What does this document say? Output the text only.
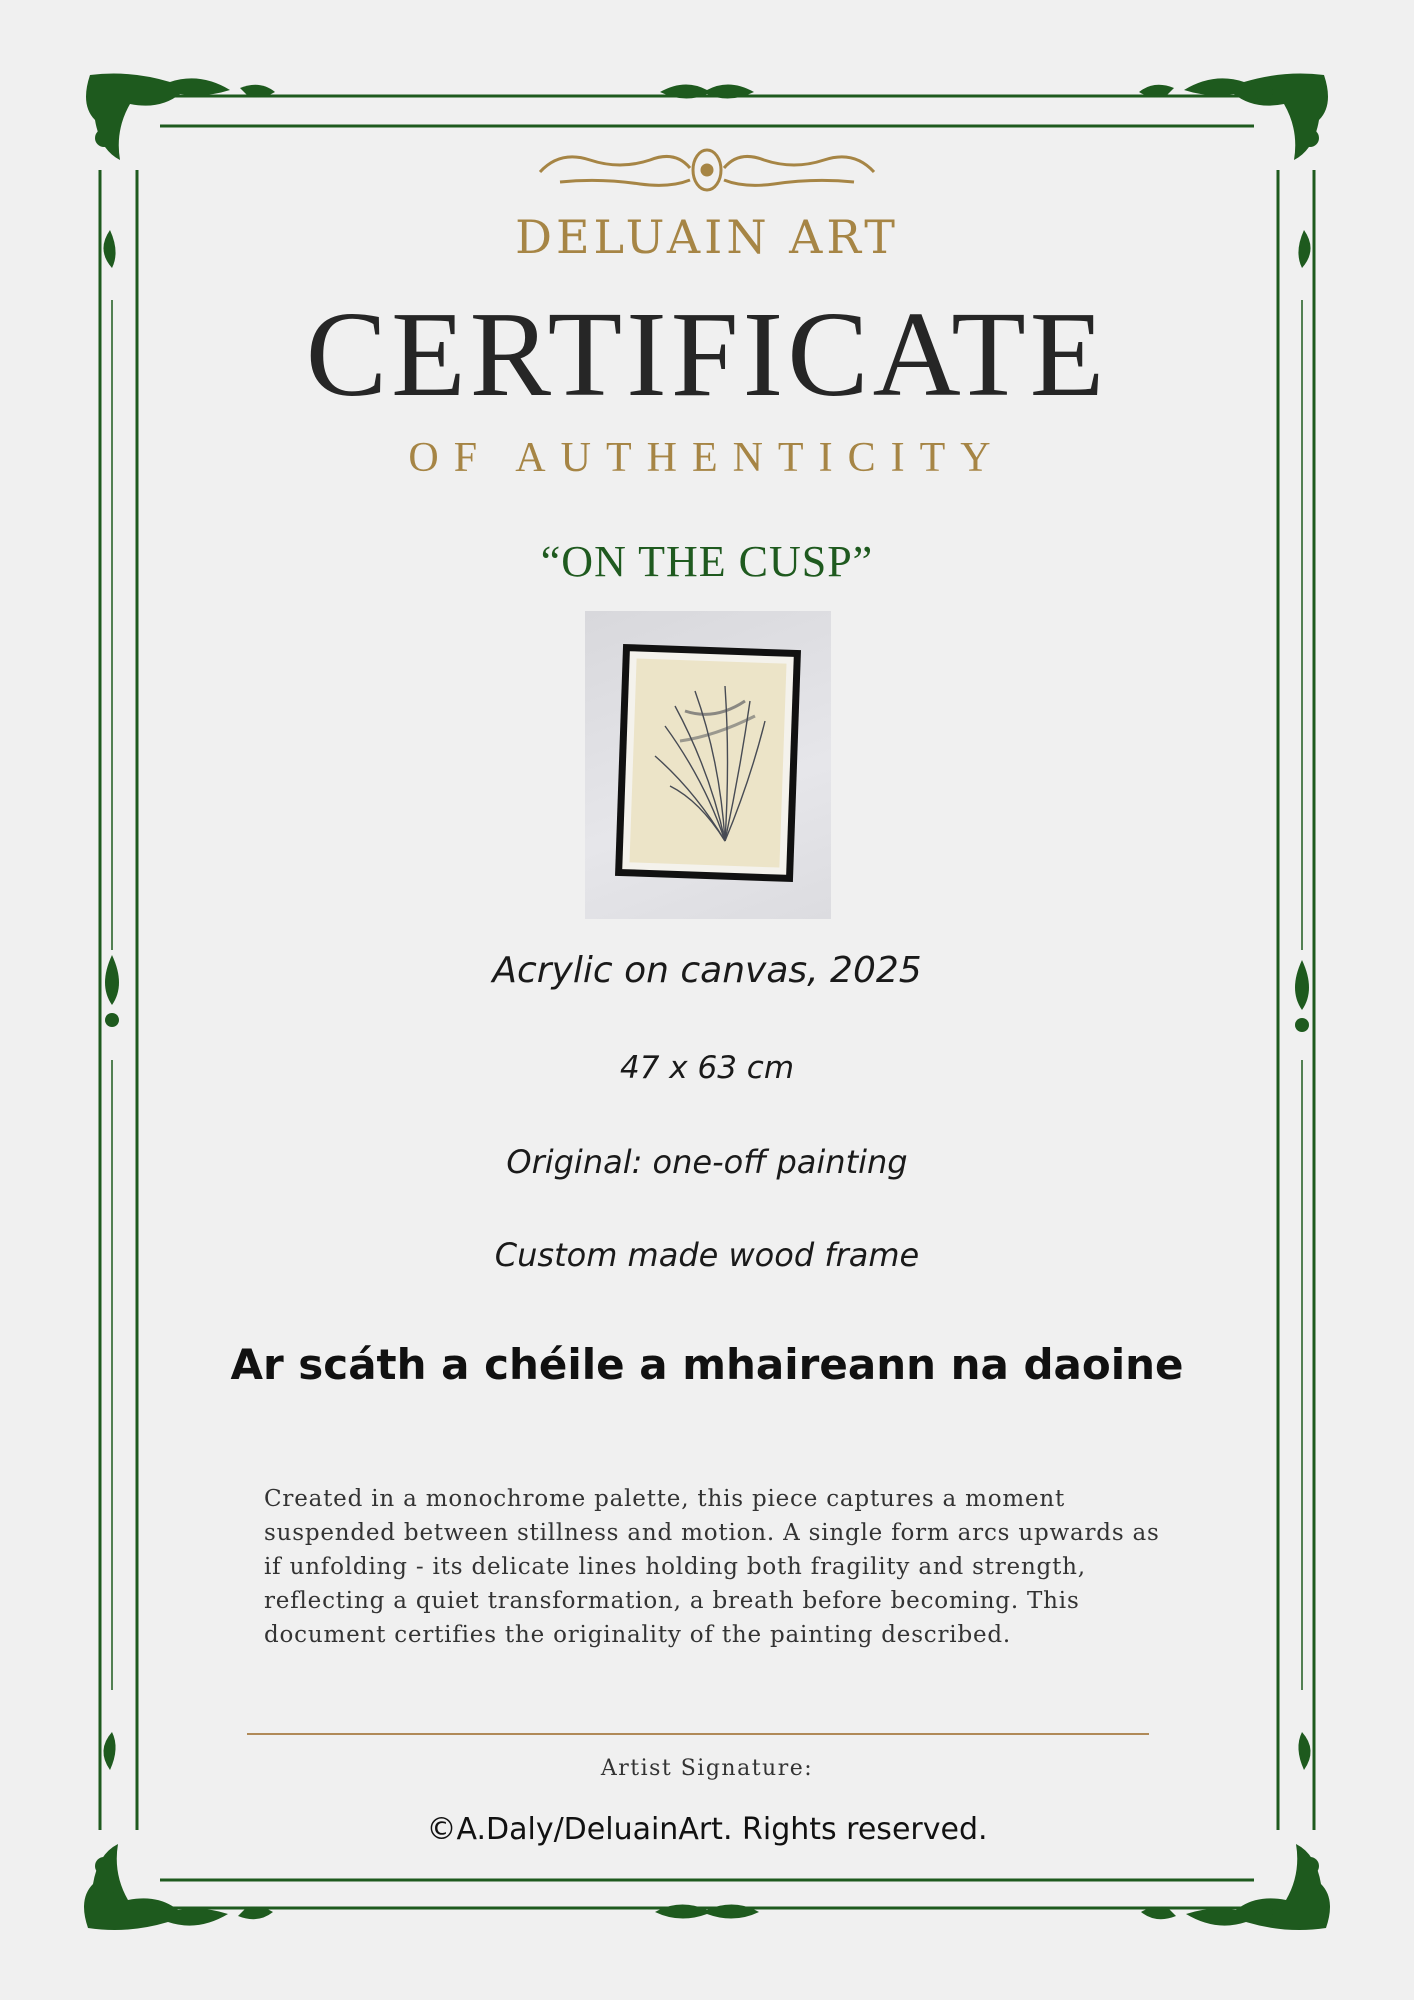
DELUAIN ART
CERTIFICATE
OF AUTHENTICITY
“ON THE CUSP”
Acrylic on canvas, 2025
47 x 63 cm
Original: one-off painting
Custom made wood frame
Ar scáth a chéile a mhaireann na daoine
Created in a monochrome palette, this piece captures a moment suspended between stillness and motion. A single form arcs upwards as if unfolding - its delicate lines holding both fragility and strength, reflecting a quiet transformation, a breath before becoming. This document certifies the originality of the painting described.
Artist Signature:
©A.Daly/DeluainArt. Rights reserved.
